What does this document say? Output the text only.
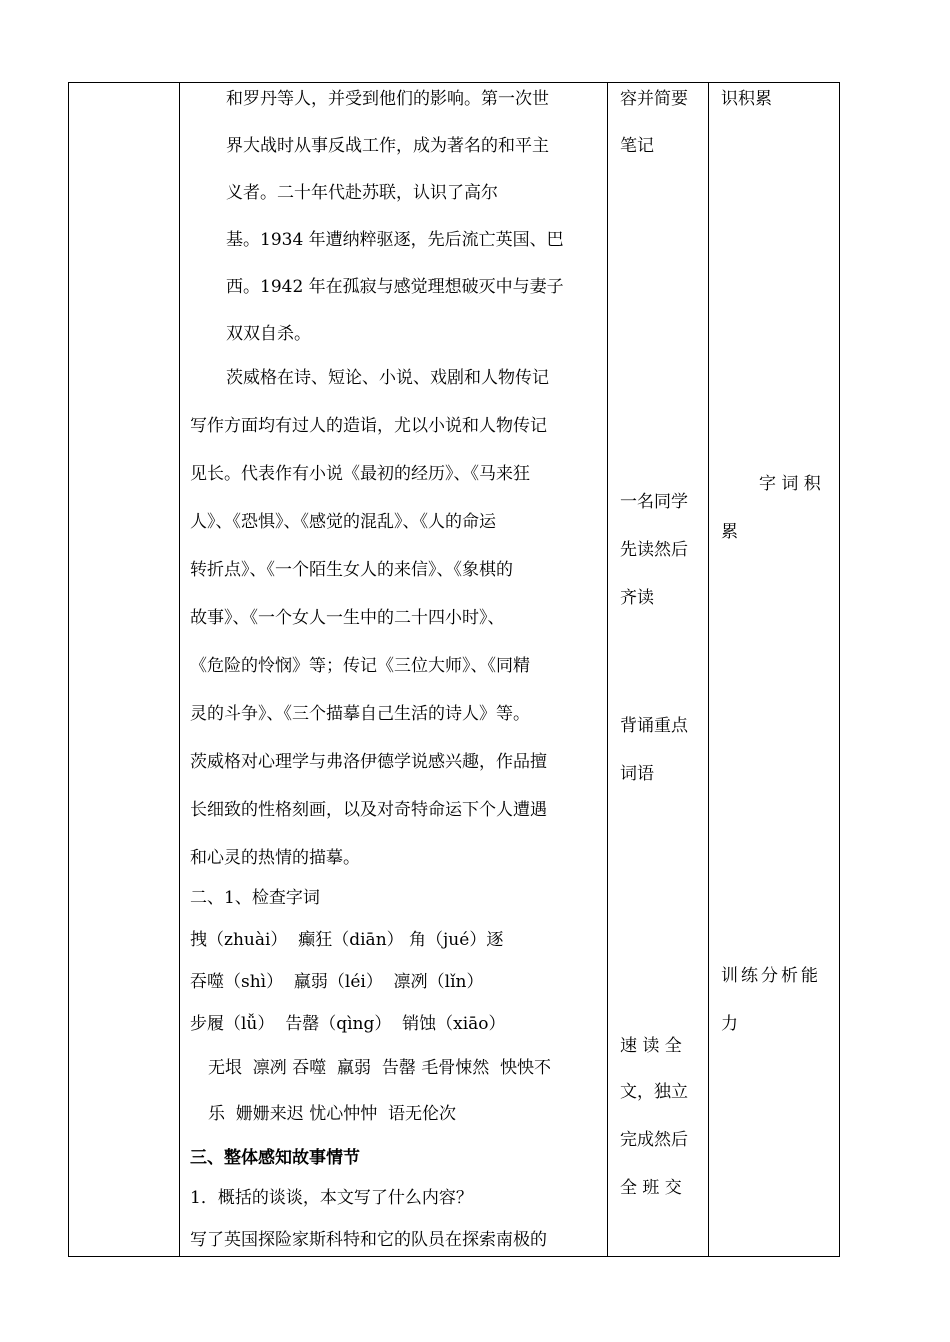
和罗丹等人，并受到他们的影响。第一次世
界大战时从事反战工作，成为著名的和平主
义者。二十年代赴苏联，认识了高尔
基。1934 年遭纳粹驱逐，先后流亡英国、巴
西。1942 年在孤寂与感觉理想破灭中与妻子
双双自杀。
茨威格在诗、短论、小说、戏剧和人物传记
写作方面均有过人的造诣，尤以小说和人物传记
见长。代表作有小说《最初的经历》、《马来狂
人》、《恐惧》、《感觉的混乱》、《人的命运
转折点》、《一个陌生女人的来信》、《象棋的
故事》、《一个女人一生中的二十四小时》、
《危险的怜悯》等；传记《三位大师》、《同精
灵的斗争》、《三个描摹自己生活的诗人》等。
茨威格对心理学与弗洛伊德学说感兴趣，作品擅
长细致的性格刻画，以及对奇特命运下个人遭遇
和心灵的热情的描摹。
二、1、检查字词
拽（zhuài）  癫狂（diān） 角（jué）逐
吞噬（shì）  羸弱（léi）  凛冽（lǐn）
步履（lǚ）  告罄（qìng）  销蚀（xiāo）
无垠  凛冽 吞噬  羸弱  告罄 毛骨悚然  怏怏不
乐  姗姗来迟 忧心忡忡  语无伦次
三、整体感知故事情节
1．概括的谈谈，本文写了什么内容？
写了英国探险家斯科特和它的队员在探索南极的
容并简要
笔记
一名同学
先读然后
齐读
背诵重点
词语
速 读 全
文，独立
完成然后
全 班 交
识积累
字 词 积
累
训练分析能
力
